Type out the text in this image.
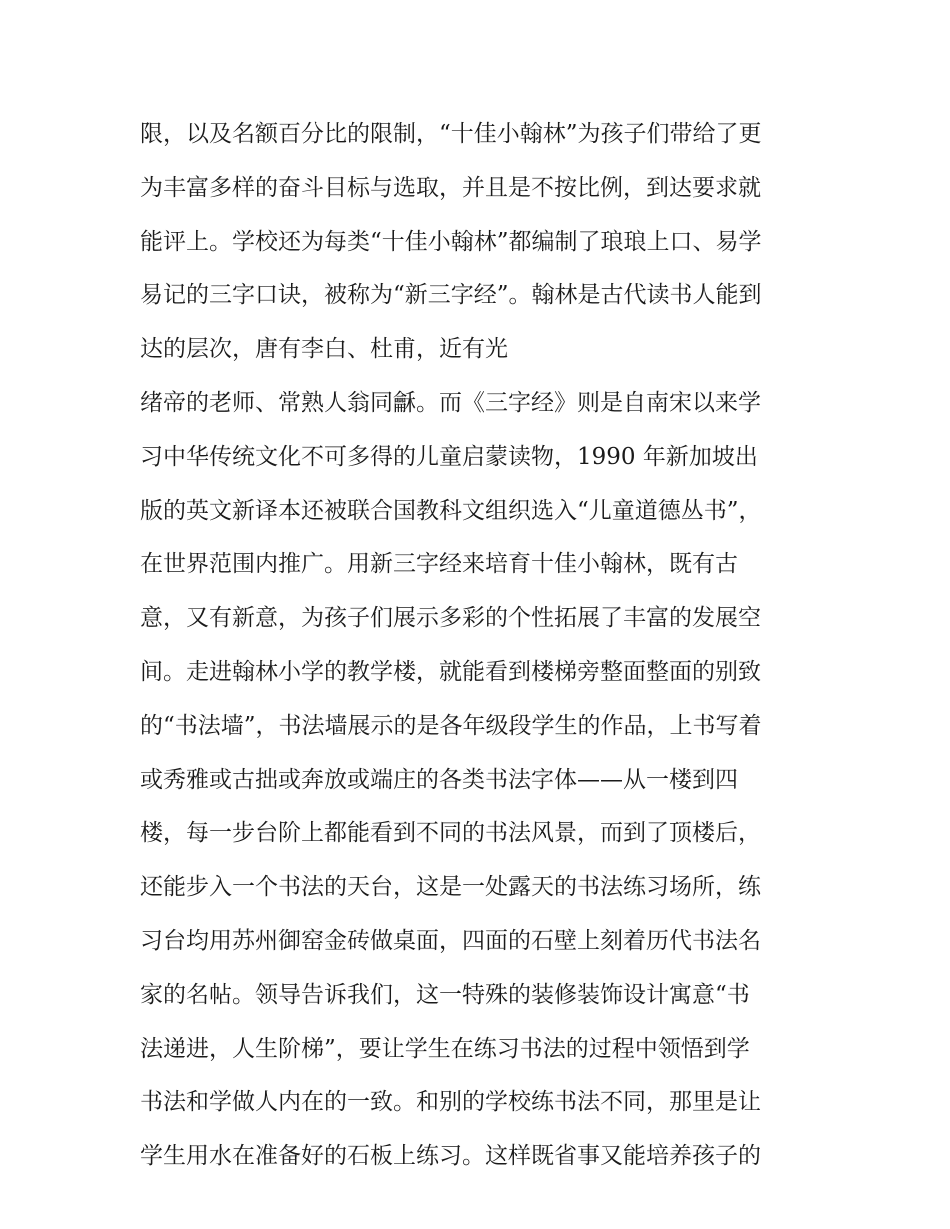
限，以及名额百分比的限制，“十佳小翰林”为孩子们带给了更
为丰富多样的奋斗目标与选取，并且是不按比例，到达要求就
能评上。学校还为每类“十佳小翰林”都编制了琅琅上口、易学
易记的三字口诀，被称为“新三字经”。翰林是古代读书人能到
达的层次，唐有李白、杜甫，近有光
绪帝的老师、常熟人翁同龢。而《三字经》则是自南宋以来学
习中华传统文化不可多得的儿童启蒙读物，1990 年新加坡出
版的英文新译本还被联合国教科文组织选入“儿童道德丛书”，
在世界范围内推广。用新三字经来培育十佳小翰林，既有古
意，又有新意，为孩子们展示多彩的个性拓展了丰富的发展空
间。走进翰林小学的教学楼，就能看到楼梯旁整面整面的别致
的“书法墙”，书法墙展示的是各年级段学生的作品，上书写着
或秀雅或古拙或奔放或端庄的各类书法字体——从一楼到四
楼，每一步台阶上都能看到不同的书法风景，而到了顶楼后，
还能步入一个书法的天台，这是一处露天的书法练习场所，练
习台均用苏州御窑金砖做桌面，四面的石壁上刻着历代书法名
家的名帖。领导告诉我们，这一特殊的装修装饰设计寓意“书
法递进，人生阶梯”，要让学生在练习书法的过程中领悟到学
书法和学做人内在的一致。和别的学校练书法不同，那里是让
学生用水在准备好的石板上练习。这样既省事又能培养孩子的
